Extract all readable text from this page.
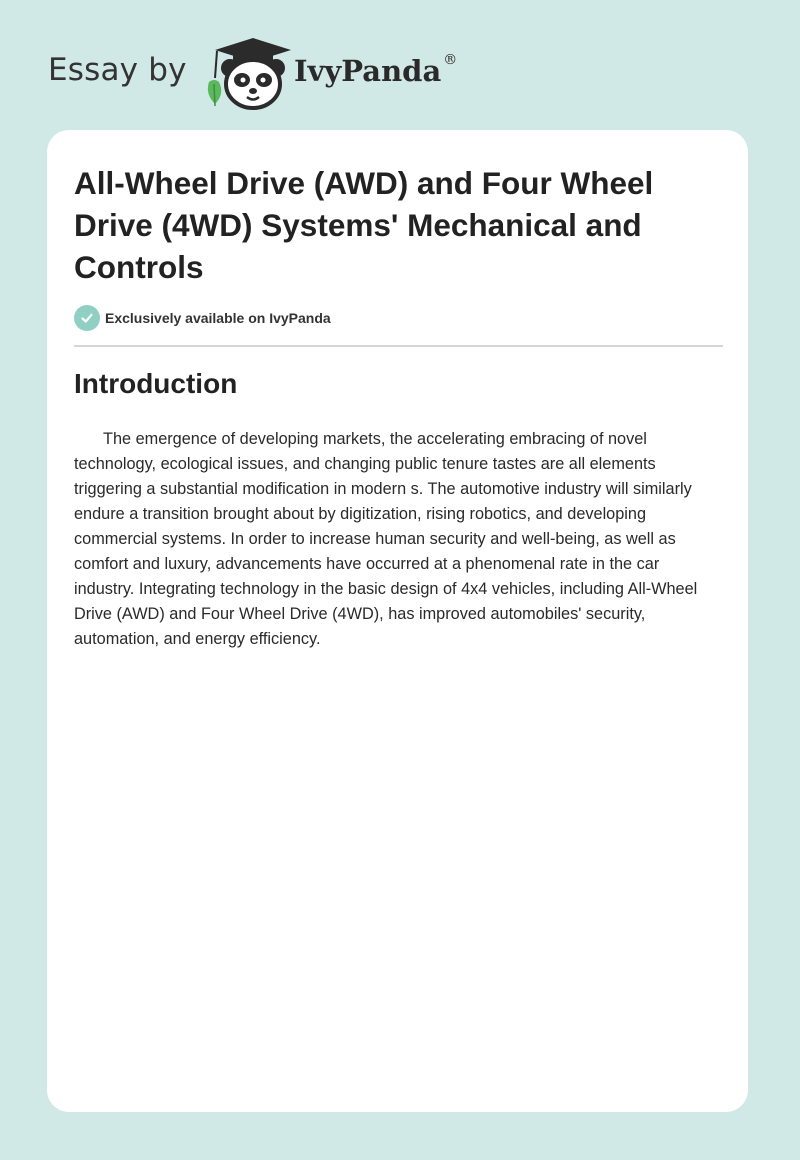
Essay by	IvyPanda ®
All-Wheel Drive (AWD) and Four Wheel Drive (4WD) Systems' Mechanical and Controls
Exclusively available on IvyPanda
Introduction

The emergence of developing markets, the accelerating embracing of novel technology, ecological issues, and changing public tenure tastes are all elements triggering a substantial modification in modern s. The automotive industry will similarly endure a transition brought about by digitization, rising robotics, and developing commercial systems. In order to increase human security and well-being, as well as comfort and luxury, advancements have occurred at a phenomenal rate in the car industry. Integrating technology in the basic design of 4x4 vehicles, including All-Wheel Drive (AWD) and Four Wheel Drive (4WD), has improved automobiles' security, automation, and energy efficiency.
